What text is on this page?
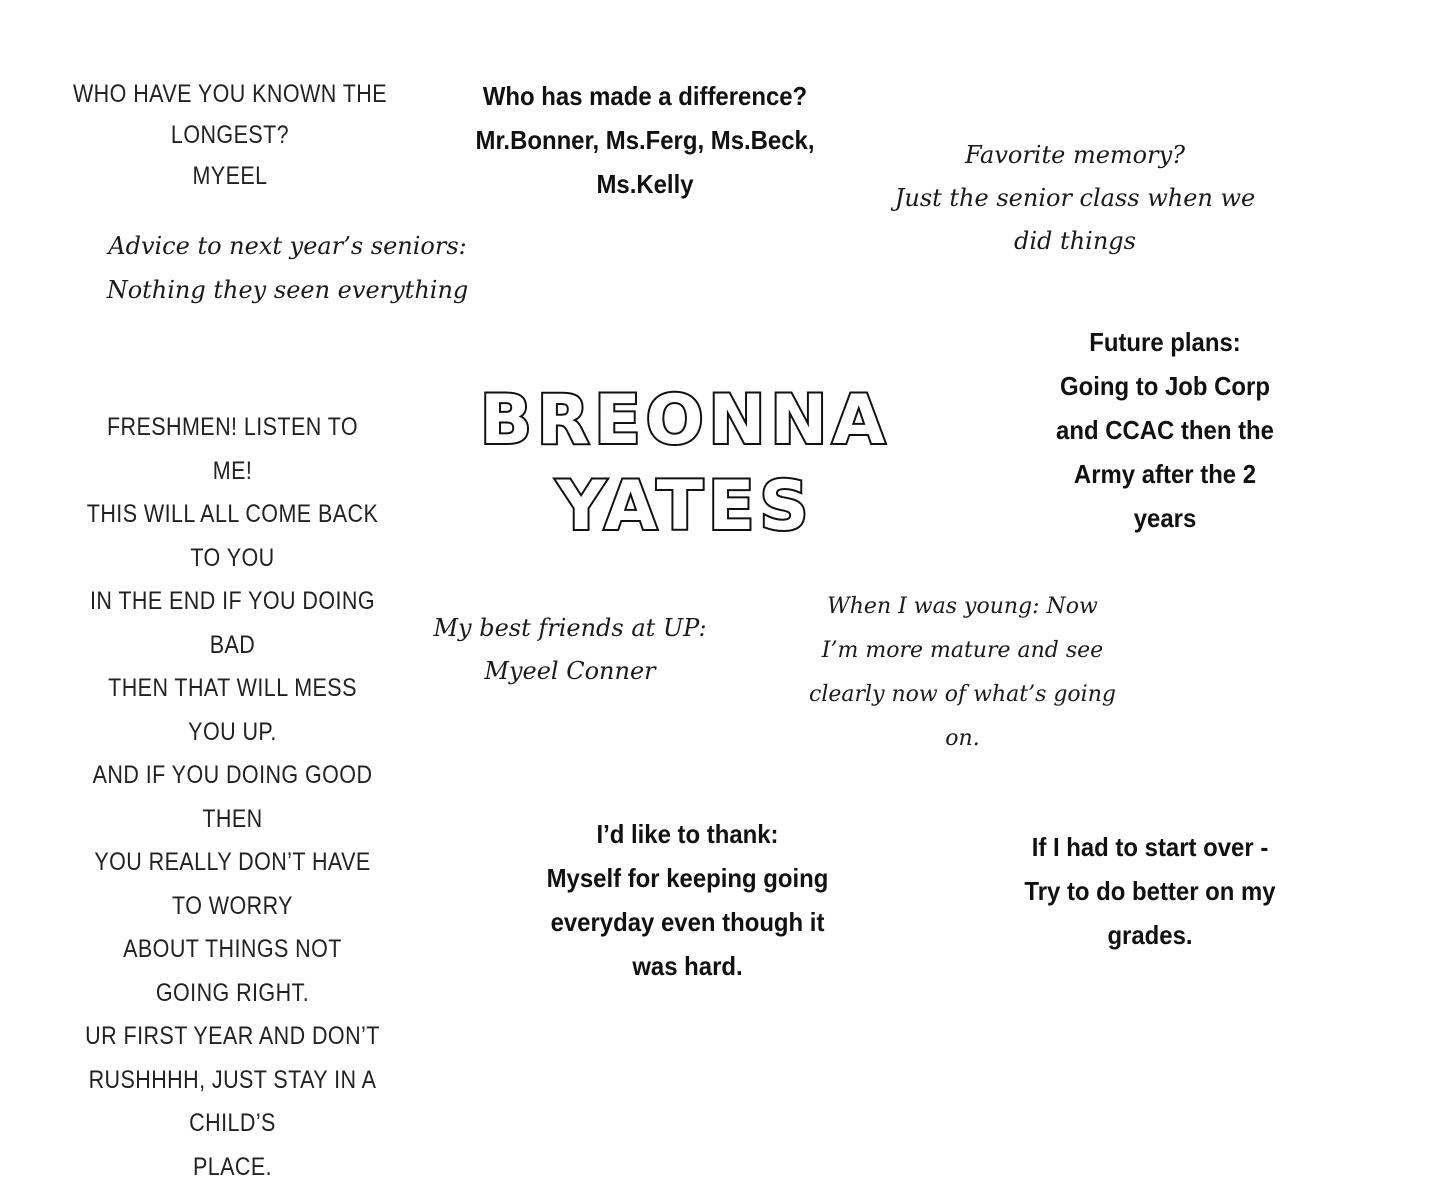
WHO HAVE YOU KNOWN THE LONGEST?
MYEEL
Who has made a difference?
Mr.Bonner, Ms.Ferg, Ms.Beck,
Ms.Kelly
Favorite memory?
Just the senior class when we
did things
Advice to next year’s seniors:
Nothing they seen everything
Future plans:
Going to Job Corp
and CCAC then the
Army after the 2
years
BREONNA
YATES
FRESHMEN! LISTEN TO ME!
THIS WILL ALL COME BACK TO YOU
IN THE END IF YOU DOING BAD
THEN THAT WILL MESS YOU UP.
AND IF YOU DOING GOOD THEN
YOU REALLY DON’T HAVE TO WORRY
ABOUT THINGS NOT GOING RIGHT.
UR FIRST YEAR AND DON’T
RUSHHHH, JUST STAY IN A CHILD’S
PLACE.
My best friends at UP:
Myeel Conner
When I was young: Now
I’m more mature and see
clearly now of what’s going
on.
I’d like to thank:
Myself for keeping going
everyday even though it
was hard.
If I had to start over -
Try to do better on my
grades.
